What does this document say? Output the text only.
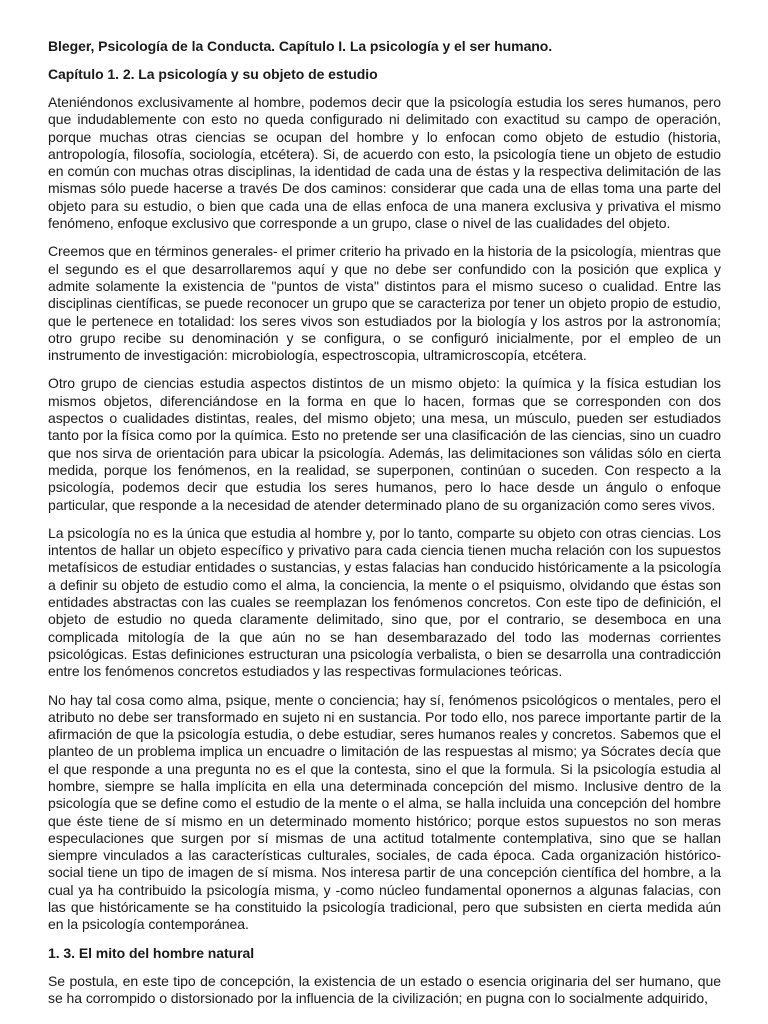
Bleger, Psicología de la Conducta. Capítulo I. La psicología y el ser humano.

Capítulo 1. 2. La psicología y su objeto de estudio

Ateniéndonos exclusivamente al hombre, podemos decir que la psicología estudia los seres humanos, pero que indudablemente con esto no queda configurado ni delimitado con exactitud su campo de operación, porque muchas otras ciencias se ocupan del hombre y lo enfocan como objeto de estudio (historia, antropología, filosofía, sociología, etcétera). Si, de acuerdo con esto, la psicología tiene un objeto de estudio en común con muchas otras disciplinas, la identidad de cada una de éstas y la respectiva delimitación de las mismas sólo puede hacerse a través De dos caminos: considerar que cada una de ellas toma una parte del objeto para su estudio, o bien que cada una de ellas enfoca de una manera exclusiva y privativa el mismo fenómeno, enfoque exclusivo que corresponde a un grupo, clase o nivel de las cualidades del objeto.

Creemos que en términos generales- el primer criterio ha privado en la historia de la psicología, mientras que el segundo es el que desarrollaremos aquí y que no debe ser confundido con la posición que explica y admite solamente la existencia de "puntos de vista" distintos para el mismo suceso o cualidad. Entre las disciplinas científicas, se puede reconocer un grupo que se caracteriza por tener un objeto propio de estudio, que le pertenece en totalidad: los seres vivos son estudiados por la biología y los astros por la astronomía; otro grupo recibe su denominación y se configura, o se configuró inicialmente, por el empleo de un instrumento de investigación: microbiología, espectroscopia, ultramicroscopía, etcétera.

Otro grupo de ciencias estudia aspectos distintos de un mismo objeto: la química y la física estudian los mismos objetos, diferenciándose en la forma en que lo hacen, formas que se corresponden con dos aspectos o cualidades distintas, reales, del mismo objeto; una mesa, un músculo, pueden ser estudiados tanto por la física como por la química. Esto no pretende ser una clasificación de las ciencias, sino un cuadro que nos sirva de orientación para ubicar la psicología. Además, las delimitaciones son válidas sólo en cierta medida, porque los fenómenos, en la realidad, se superponen, continúan o suceden. Con respecto a la psicología, podemos decir que estudia los seres humanos, pero lo hace desde un ángulo o enfoque particular, que responde a la necesidad de atender determinado plano de su organización como seres vivos.

La psicología no es la única que estudia al hombre y, por lo tanto, comparte su objeto con otras ciencias. Los intentos de hallar un objeto específico y privativo para cada ciencia tienen mucha relación con los supuestos metafísicos de estudiar entidades o sustancias, y estas falacias han conducido históricamente a la psicología a definir su objeto de estudio como el alma, la conciencia, la mente o el psiquismo, olvidando que éstas son entidades abstractas con las cuales se reemplazan los fenómenos concretos. Con este tipo de definición, el objeto de estudio no queda claramente delimitado, sino que, por el contrario, se desemboca en una complicada mitología de la que aún no se han desembarazado del todo las modernas corrientes psicológicas. Estas definiciones estructuran una psicología verbalista, o bien se desarrolla una contradicción entre los fenómenos concretos estudiados y las respectivas formulaciones teóricas.

No hay tal cosa como alma, psique, mente o conciencia; hay sí, fenómenos psicológicos o mentales, pero el atributo no debe ser transformado en sujeto ni en sustancia. Por todo ello, nos parece importante partir de la afirmación de que la psicología estudia, o debe estudiar, seres humanos reales y concretos. Sabemos que el planteo de un problema implica un encuadre o limitación de las respuestas al mismo; ya Sócrates decía que el que responde a una pregunta no es el que la contesta, sino el que la formula. Si la psicología estudia al hombre, siempre se halla implícita en ella una determinada concepción del mismo. Inclusive dentro de la psicología que se define como el estudio de la mente o el alma, se halla incluida una concepción del hombre que éste tiene de sí mismo en un determinado momento histórico; porque estos supuestos no son meras especulaciones que surgen por sí mismas de una actitud totalmente contemplativa, sino que se hallan siempre vinculados a las características culturales, sociales, de cada época. Cada organización histórico-social tiene un tipo de imagen de sí misma. Nos interesa partir de una concepción científica del hombre, a la cual ya ha contribuido la psicología misma, y -como núcleo fundamental oponernos a algunas falacias, con las que históricamente se ha constituido la psicología tradicional, pero que subsisten en cierta medida aún en la psicología contemporánea.

1. 3. El mito del hombre natural

Se postula, en este tipo de concepción, la existencia de un estado o esencia originaria del ser humano, que se ha corrompido o distorsionado por la influencia de la civilización; en pugna con lo socialmente adquirido,
